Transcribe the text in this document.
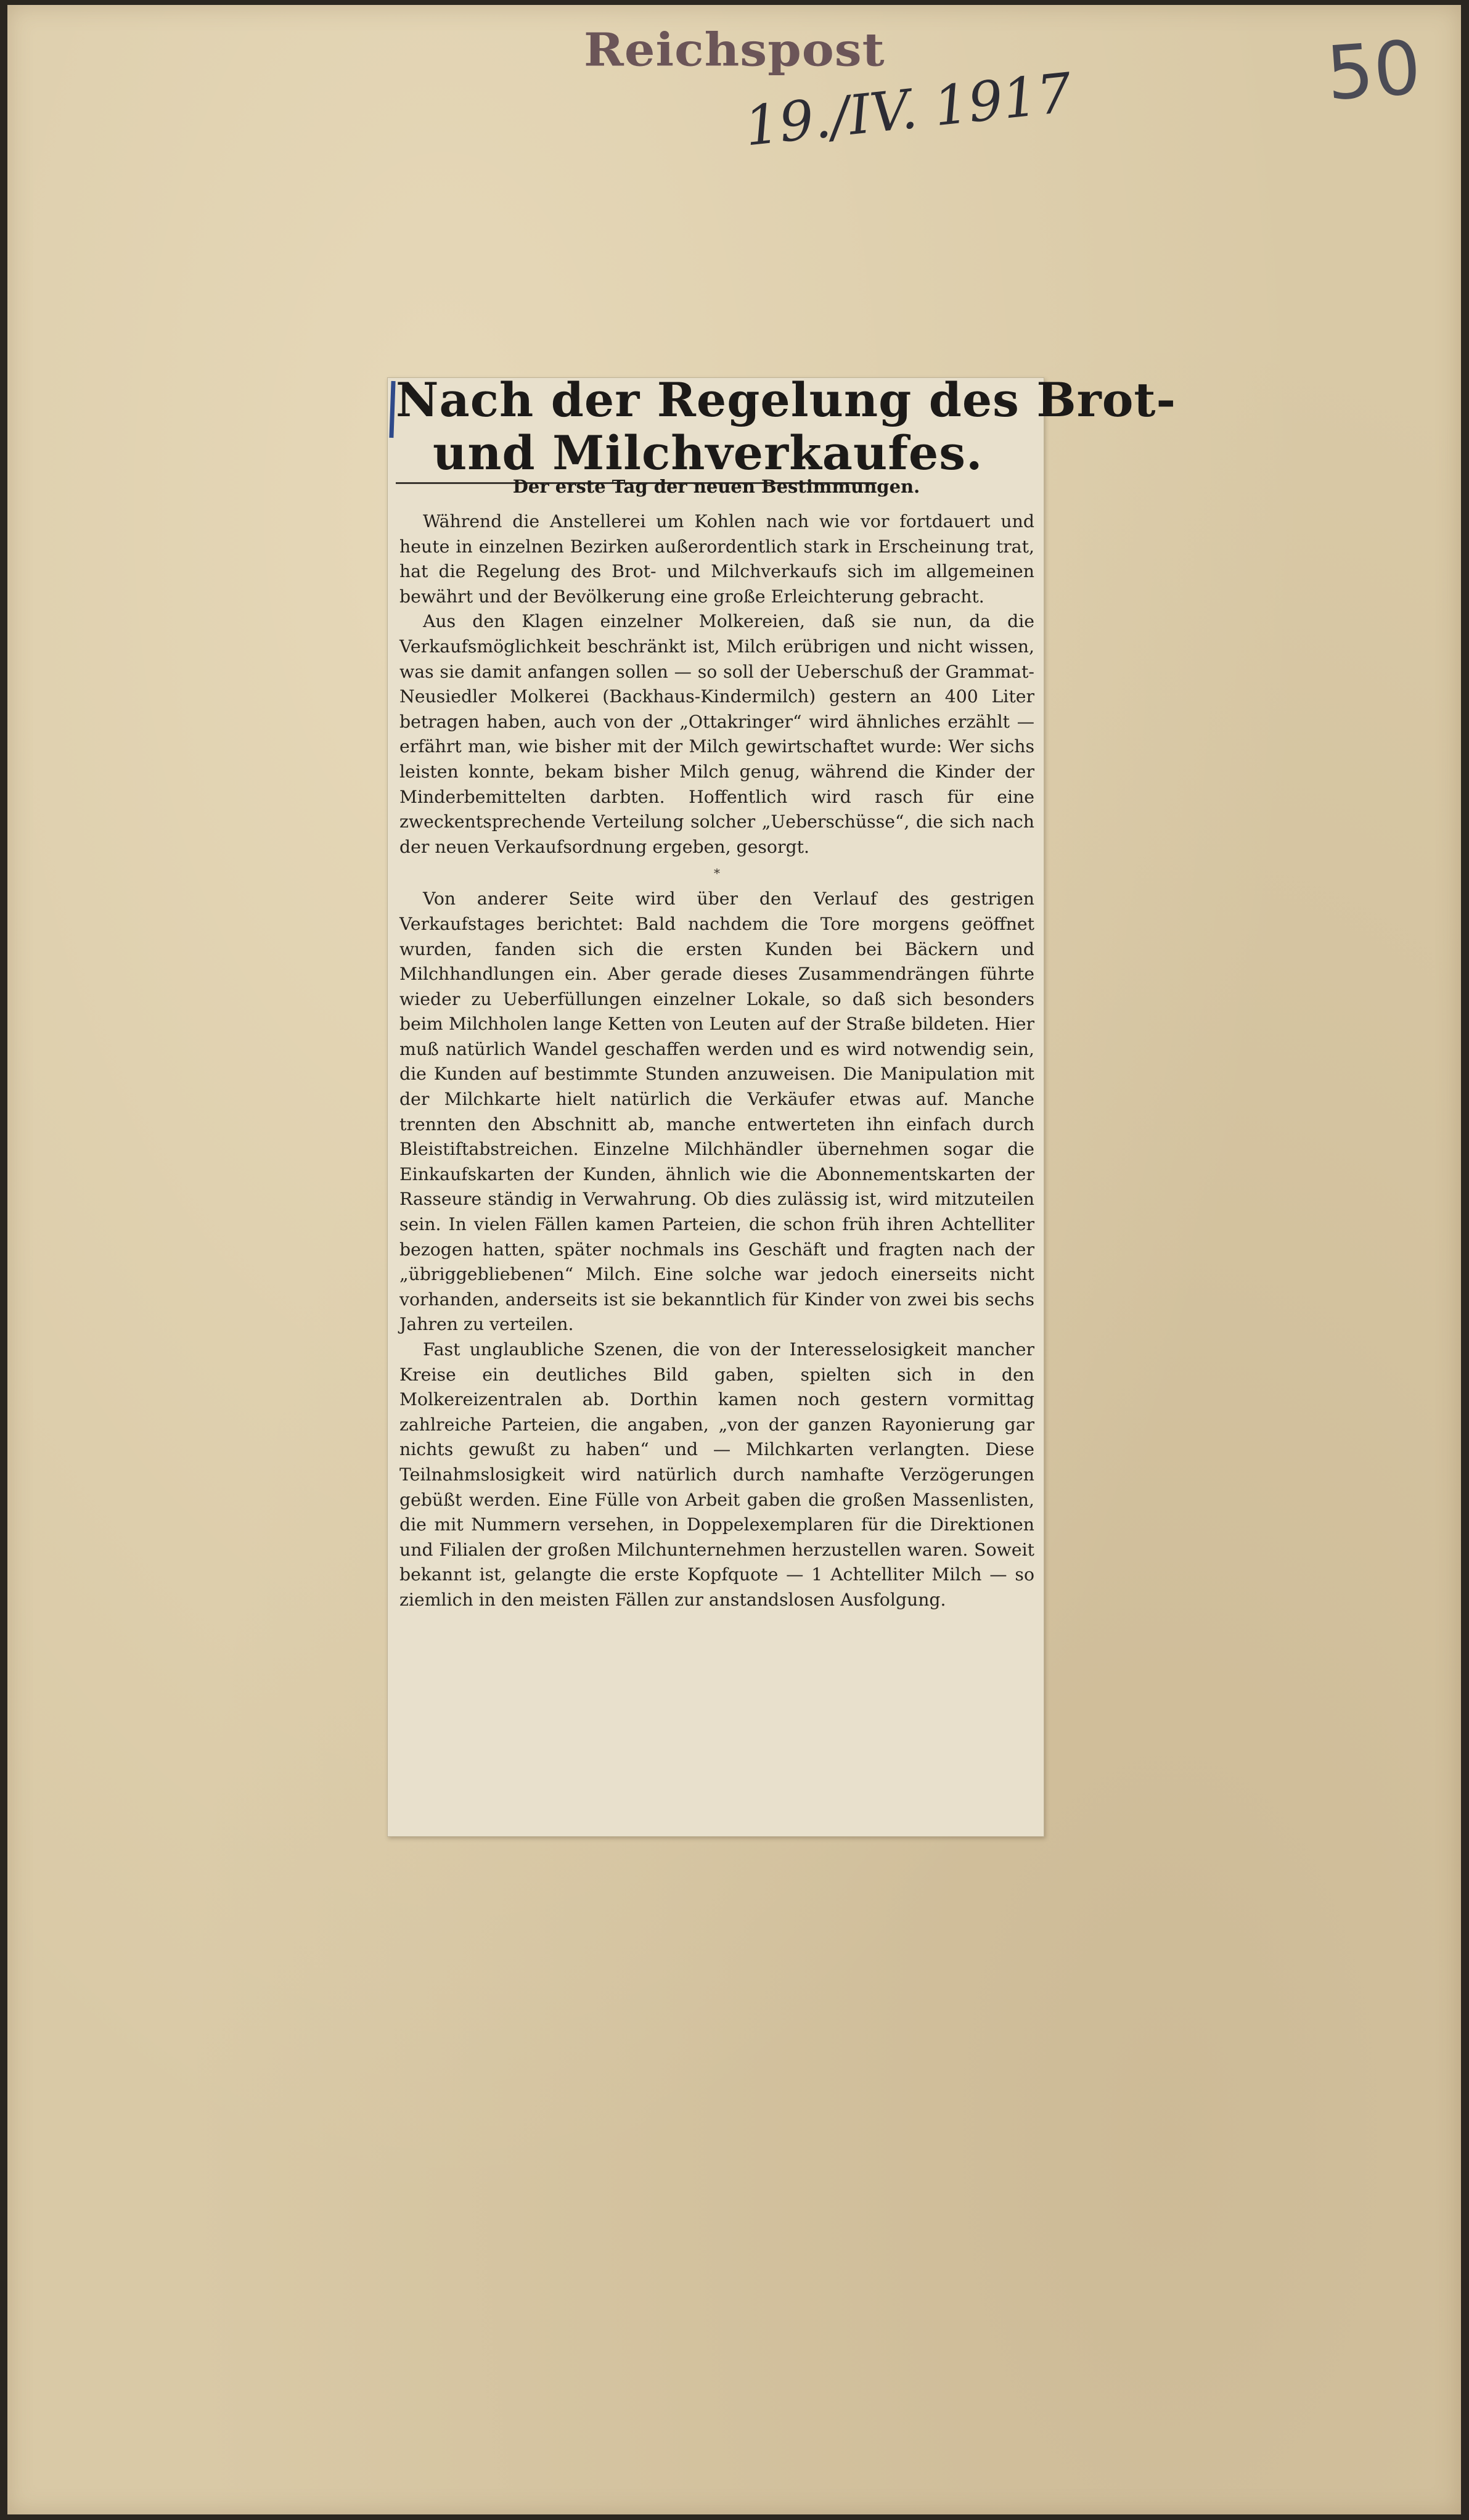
Reichspost
19./IV. 1917	50
Nach der Regelung des Brot-
und Milchverkaufes.
Der erste Tag der neuen Bestimmungen.

Während die Anstellerei um Kohlen nach wie vor fortdauert und heute in einzelnen Bezirken außerordentlich stark in Erscheinung trat, hat die Regelung des Brot- und Milchverkaufs sich im allgemeinen bewährt und der Bevölkerung eine große Erleichterung gebracht.

Aus den Klagen einzelner Molkereien, daß sie nun, da die Verkaufsmöglichkeit beschränkt ist, Milch erübrigen und nicht wissen, was sie damit anfangen sollen — so soll der Ueberschuß der Grammat-Neusiedler Molkerei (Backhaus-Kindermilch) gestern an 400 Liter betragen haben, auch von der „Ottakringer“ wird ähnliches erzählt — erfährt man, wie bisher mit der Milch gewirtschaftet wurde: Wer sichs leisten konnte, bekam bisher Milch genug, während die Kinder der Minderbemittelten darbten. Hoffentlich wird rasch für eine zweckentsprechende Verteilung solcher „Ueberschüsse“, die sich nach der neuen Verkaufsordnung ergeben, gesorgt.

*

Von anderer Seite wird über den Verlauf des gestrigen Verkaufstages berichtet: Bald nachdem die Tore morgens geöffnet wurden, fanden sich die ersten Kunden bei Bäckern und Milchhandlungen ein. Aber gerade dieses Zusammendrängen führte wieder zu Ueberfüllungen einzelner Lokale, so daß sich besonders beim Milchholen lange Ketten von Leuten auf der Straße bildeten. Hier muß natürlich Wandel geschaffen werden und es wird notwendig sein, die Kunden auf bestimmte Stunden anzuweisen. Die Manipulation mit der Milchkarte hielt natürlich die Verkäufer etwas auf. Manche trennten den Abschnitt ab, manche entwerteten ihn einfach durch Bleistiftabstreichen. Einzelne Milchhändler übernehmen sogar die Einkaufskarten der Kunden, ähnlich wie die Abonnementskarten der Rasseure ständig in Verwahrung. Ob dies zulässig ist, wird mitzuteilen sein. In vielen Fällen kamen Parteien, die schon früh ihren Achtelliter bezogen hatten, später nochmals ins Geschäft und fragten nach der „übriggebliebenen“ Milch. Eine solche war jedoch einerseits nicht vorhanden, anderseits ist sie bekanntlich für Kinder von zwei bis sechs Jahren zu verteilen.

Fast unglaubliche Szenen, die von der Interesselosigkeit mancher Kreise ein deutliches Bild gaben, spielten sich in den Molkereizentralen ab. Dorthin kamen noch gestern vormittag zahlreiche Parteien, die angaben, „von der ganzen Rayonierung gar nichts gewußt zu haben“ und — Milchkarten verlangten. Diese Teilnahmslosigkeit wird natürlich durch namhafte Verzögerungen gebüßt werden. Eine Fülle von Arbeit gaben die großen Massenlisten, die mit Nummern versehen, in Doppelexemplaren für die Direktionen und Filialen der großen Milchunternehmen herzustellen waren. Soweit bekannt ist, gelangte die erste Kopfquote — 1 Achtelliter Milch — so ziemlich in den meisten Fällen zur anstandslosen Ausfolgung.
